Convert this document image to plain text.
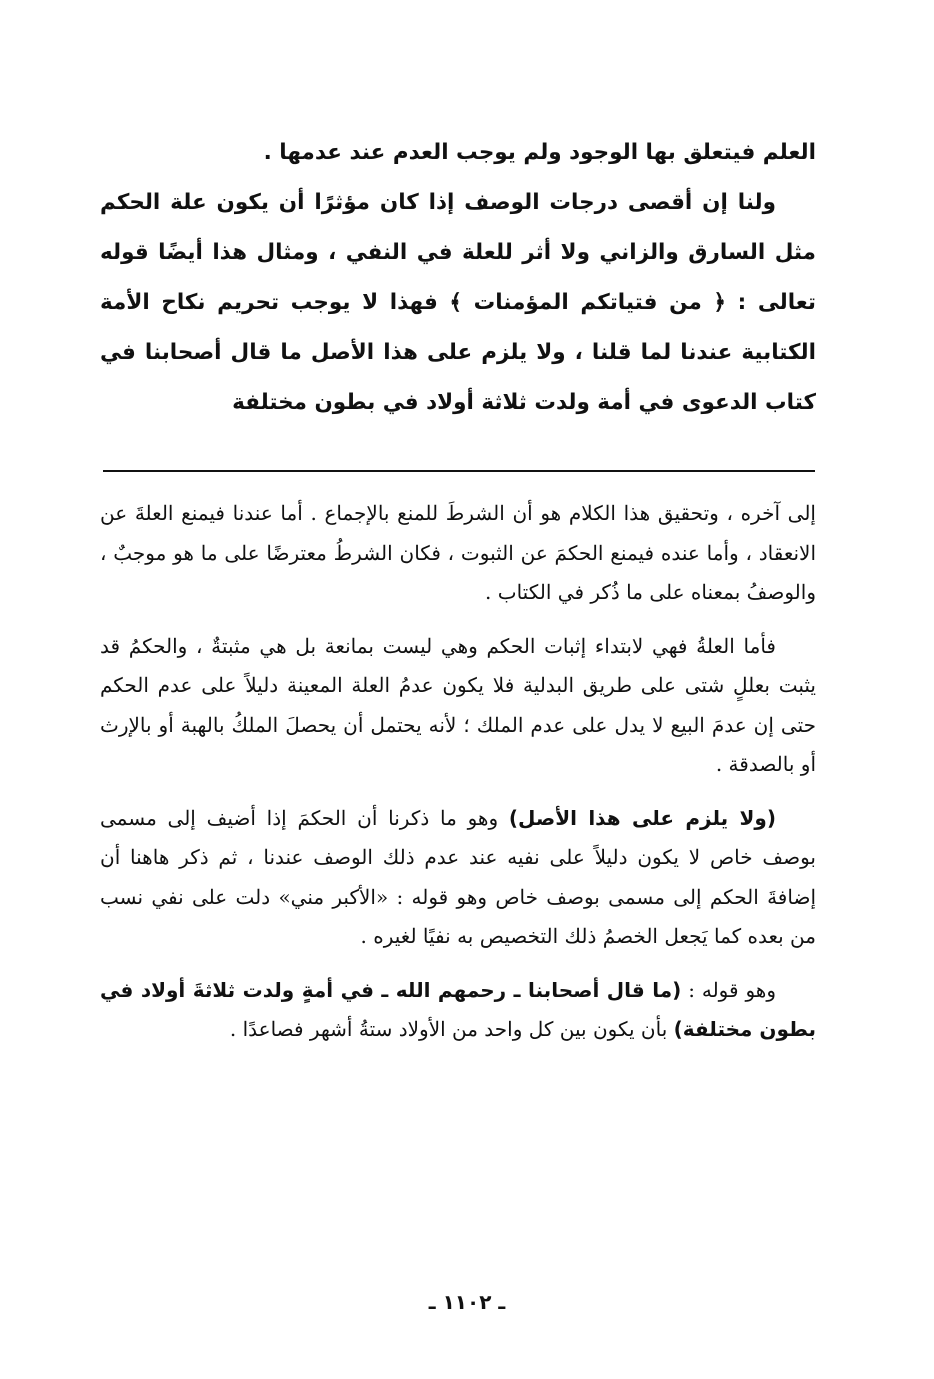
العلم فيتعلق بها الوجود ولم يوجب العدم عند عدمها .

ولنا إن أقصى درجات الوصف إذا كان مؤثرًا أن يكون علة الحكم مثل السارق والزاني ولا أثر للعلة في النفي ، ومثال هذا أيضًا قوله تعالى : ﴿ من فتياتكم المؤمنات ﴾ فهذا لا يوجب تحريم نكاح الأمة الكتابية عندنا لما قلنا ، ولا يلزم على هذا الأصل ما قال أصحابنا في كتاب الدعوى في أمة ولدت ثلاثة أولاد في بطون مختلفة

إلى آخره ، وتحقيق هذا الكلام هو أن الشرطَ للمنع بالإجماع . أما عندنا فيمنع العلةَ عن الانعقاد ، وأما عنده فيمنع الحكمَ عن الثبوت ، فكان الشرطُ معترضًا على ما هو موجبٌ ، والوصفُ بمعناه على ما ذُكر في الكتاب .

فأما العلةُ فهي لابتداء إثبات الحكم وهي ليست بمانعة بل هي مثبتةٌ ، والحكمُ قد يثبت بعللٍ شتى على طريق البدلية فلا يكون عدمُ العلة المعينة دليلاً على عدم الحكم حتى إن عدمَ البيع لا يدل على عدم الملك ؛ لأنه يحتمل أن يحصلَ الملكُ بالهبة أو بالإرث أو بالصدقة .

(ولا يلزم على هذا الأصل) وهو ما ذكرنا أن الحكمَ إذا أضيف إلى مسمى بوصف خاص لا يكون دليلاً على نفيه عند عدم ذلك الوصف عندنا ، ثم ذكر هاهنا أن إضافةَ الحكم إلى مسمى بوصف خاص وهو قوله : «الأكبر مني» دلت على نفي نسب من بعده كما يَجعل الخصمُ ذلك التخصيص به نفيًا لغيره .

وهو قوله : (ما قال أصحابنا ـ رحمهم الله ـ في أمةٍ ولدت ثلاثةَ أولاد في بطون مختلفة) بأن يكون بين كل واحد من الأولاد ستةُ أشهر فصاعدًا .

ـ ١١٠٢ ـ
